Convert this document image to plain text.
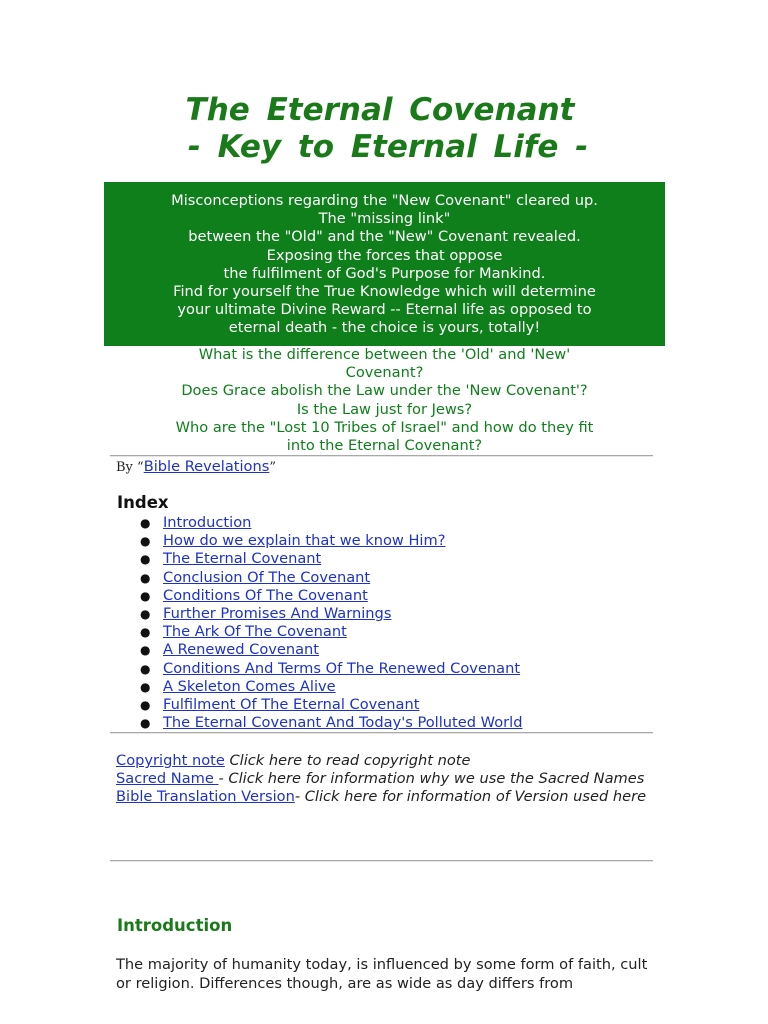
The Eternal Covenant
- Key to Eternal Life -
Misconceptions regarding the "New Covenant" cleared up.
The "missing link"
between the "Old" and the "New" Covenant revealed.
Exposing the forces that oppose
the fulfilment of God's Purpose for Mankind.
Find for yourself the True Knowledge which will determine
your ultimate Divine Reward -- Eternal life as opposed to
eternal death - the choice is yours, totally!
What is the difference between the 'Old' and 'New'
Covenant?
Does Grace abolish the Law under the 'New Covenant'?
Is the Law just for Jews?
Who are the "Lost 10 Tribes of Israel" and how do they fit
into the Eternal Covenant?
By “Bible Revelations”
Index
● Introduction
● How do we explain that we know Him?
● The Eternal Covenant
● Conclusion Of The Covenant
● Conditions Of The Covenant
● Further Promises And Warnings
● The Ark Of The Covenant
● A Renewed Covenant
● Conditions And Terms Of The Renewed Covenant
● A Skeleton Comes Alive
● Fulfilment Of The Eternal Covenant
● The Eternal Covenant And Today's Polluted World
Copyright note Click here to read copyright note
Sacred Name - Click here for information why we use the Sacred Names
Bible Translation Version- Click here for information of Version used here
Introduction
The majority of humanity today, is influenced by some form of faith, cult or religion. Differences though, are as wide as day differs from
